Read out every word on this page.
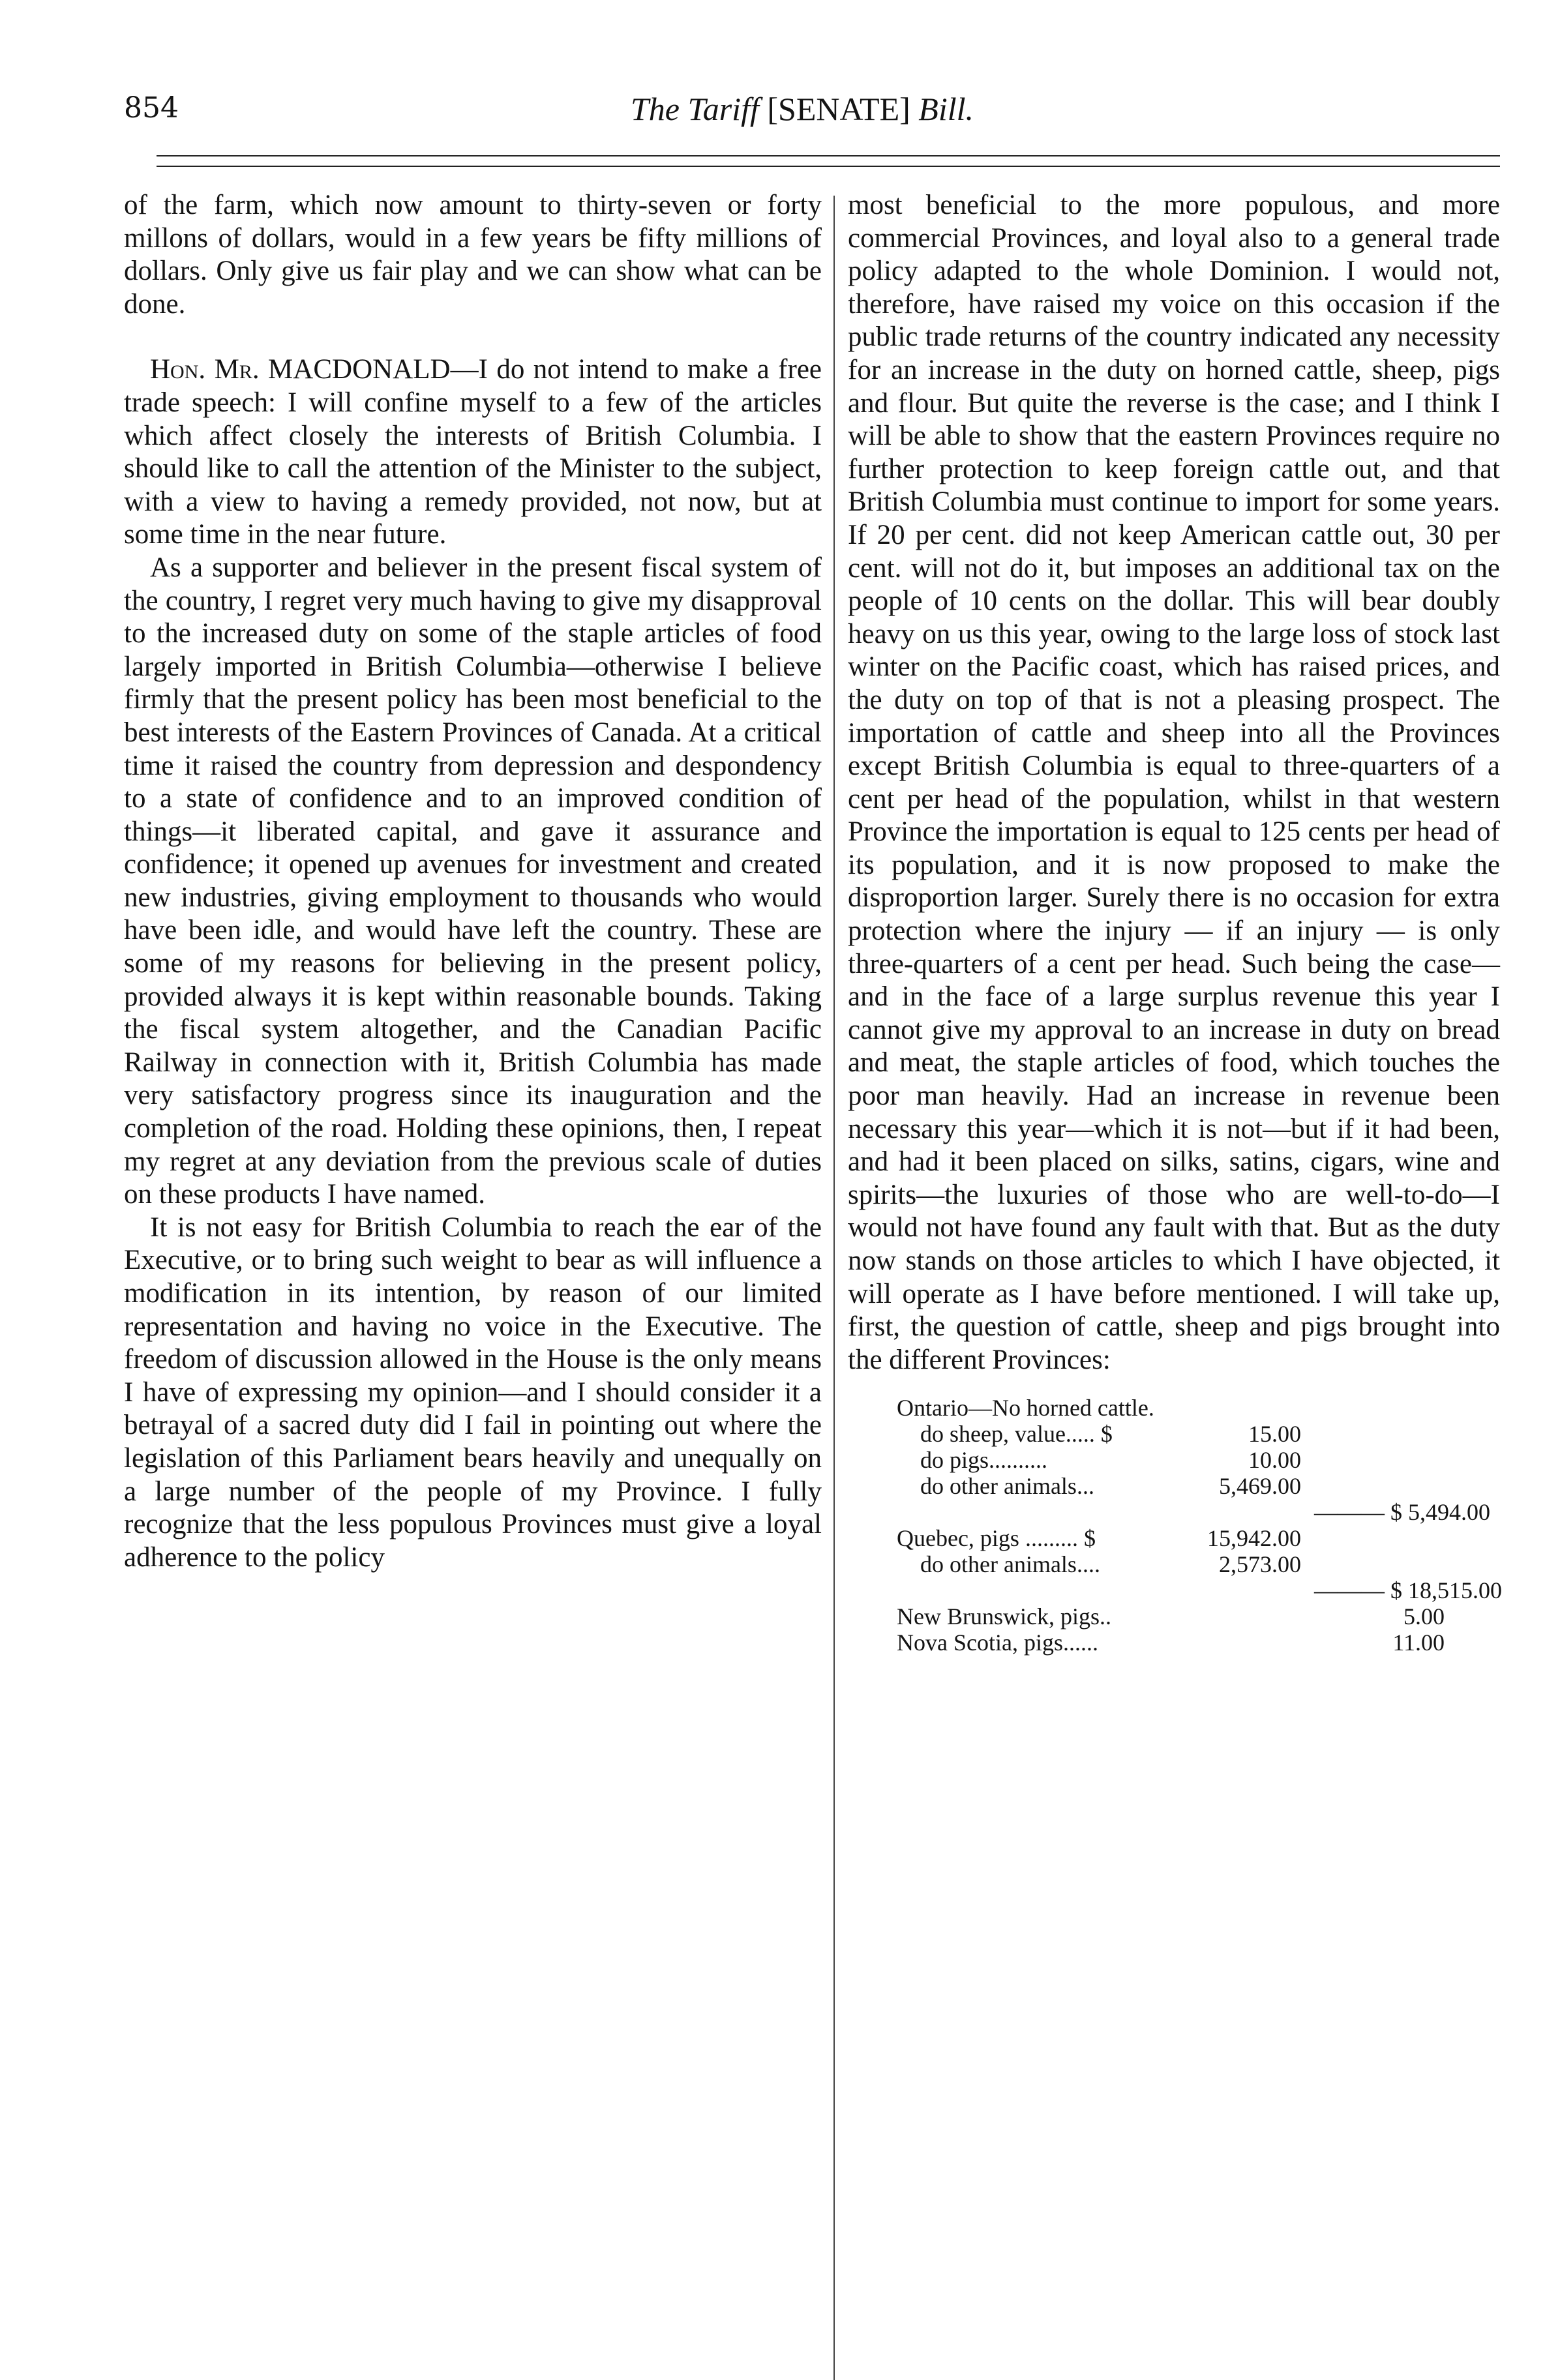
854	The Tariff [SENATE] Bill.

of the farm, which now amount to thirty-seven or forty millons of dollars, would in a few years be fifty millions of dollars. Only give us fair play and we can show what can be done.

Hon. Mr. MACDONALD—I do not intend to make a free trade speech: I will confine myself to a few of the articles which affect closely the interests of British Columbia. I should like to call the attention of the Minister to the subject, with a view to having a remedy provided, not now, but at some time in the near future.

As a supporter and believer in the present fiscal system of the country, I regret very much having to give my disapproval to the increased duty on some of the staple articles of food largely imported in British Columbia—otherwise I believe firmly that the present policy has been most beneficial to the best interests of the Eastern Provinces of Canada. At a critical time it raised the country from depression and despondency to a state of confidence and to an improved condition of things—it liberated capital, and gave it assurance and confidence; it opened up avenues for investment and created new industries, giving employment to thousands who would have been idle, and would have left the country. These are some of my reasons for believing in the present policy, provided always it is kept within reasonable bounds. Taking the fiscal system altogether, and the Canadian Pacific Railway in connection with it, British Columbia has made very satisfactory progress since its inauguration and the completion of the road. Holding these opinions, then, I repeat my regret at any deviation from the previous scale of duties on these products I have named.

It is not easy for British Columbia to reach the ear of the Executive, or to bring such weight to bear as will influence a modification in its intention, by reason of our limited representation and having no voice in the Executive. The freedom of discussion allowed in the House is the only means I have of expressing my opinion—and I should consider it a betrayal of a sacred duty did I fail in pointing out where the legislation of this Parliament bears heavily and unequally on a large number of the people of my Province. I fully recognize that the less populous Provinces must give a loyal adherence to the policy

most beneficial to the more populous, and more commercial Provinces, and loyal also to a general trade policy adapted to the whole Dominion. I would not, therefore, have raised my voice on this occasion if the public trade returns of the country indicated any necessity for an increase in the duty on horned cattle, sheep, pigs and flour. But quite the reverse is the case; and I think I will be able to show that the eastern Provinces require no further protection to keep foreign cattle out, and that British Columbia must continue to import for some years. If 20 per cent. did not keep American cattle out, 30 per cent. will not do it, but imposes an additional tax on the people of 10 cents on the dollar. This will bear doubly heavy on us this year, owing to the large loss of stock last winter on the Pacific coast, which has raised prices, and the duty on top of that is not a pleasing prospect. The importation of cattle and sheep into all the Provinces except British Columbia is equal to three-quarters of a cent per head of the population, whilst in that western Province the importation is equal to 125 cents per head of its population, and it is now proposed to make the disproportion larger. Surely there is no occasion for extra protection where the injury — if an injury — is only three-quarters of a cent per head. Such being the case—and in the face of a large surplus revenue this year I cannot give my approval to an increase in duty on bread and meat, the staple articles of food, which touches the poor man heavily. Had an increase in revenue been necessary this year—which it is not—but if it had been, and had it been placed on silks, satins, cigars, wine and spirits—the luxuries of those who are well-to-do—I would not have found any fault with that. But as the duty now stands on those articles to which I have objected, it will operate as I have before mentioned. I will take up, first, the question of cattle, sheep and pigs brought into the different Provinces:

Ontario—No horned cattle.
do sheep, value..... $	15.00
do pigs..........	10.00
do other animals...	5,469.00
——— $ 5,494.00
Quebec, pigs ......... $	15,942.00
do other animals....	2,573.00
——— $ 18,515.00
New Brunswick, pigs..	5.00
Nova Scotia, pigs......	11.00
